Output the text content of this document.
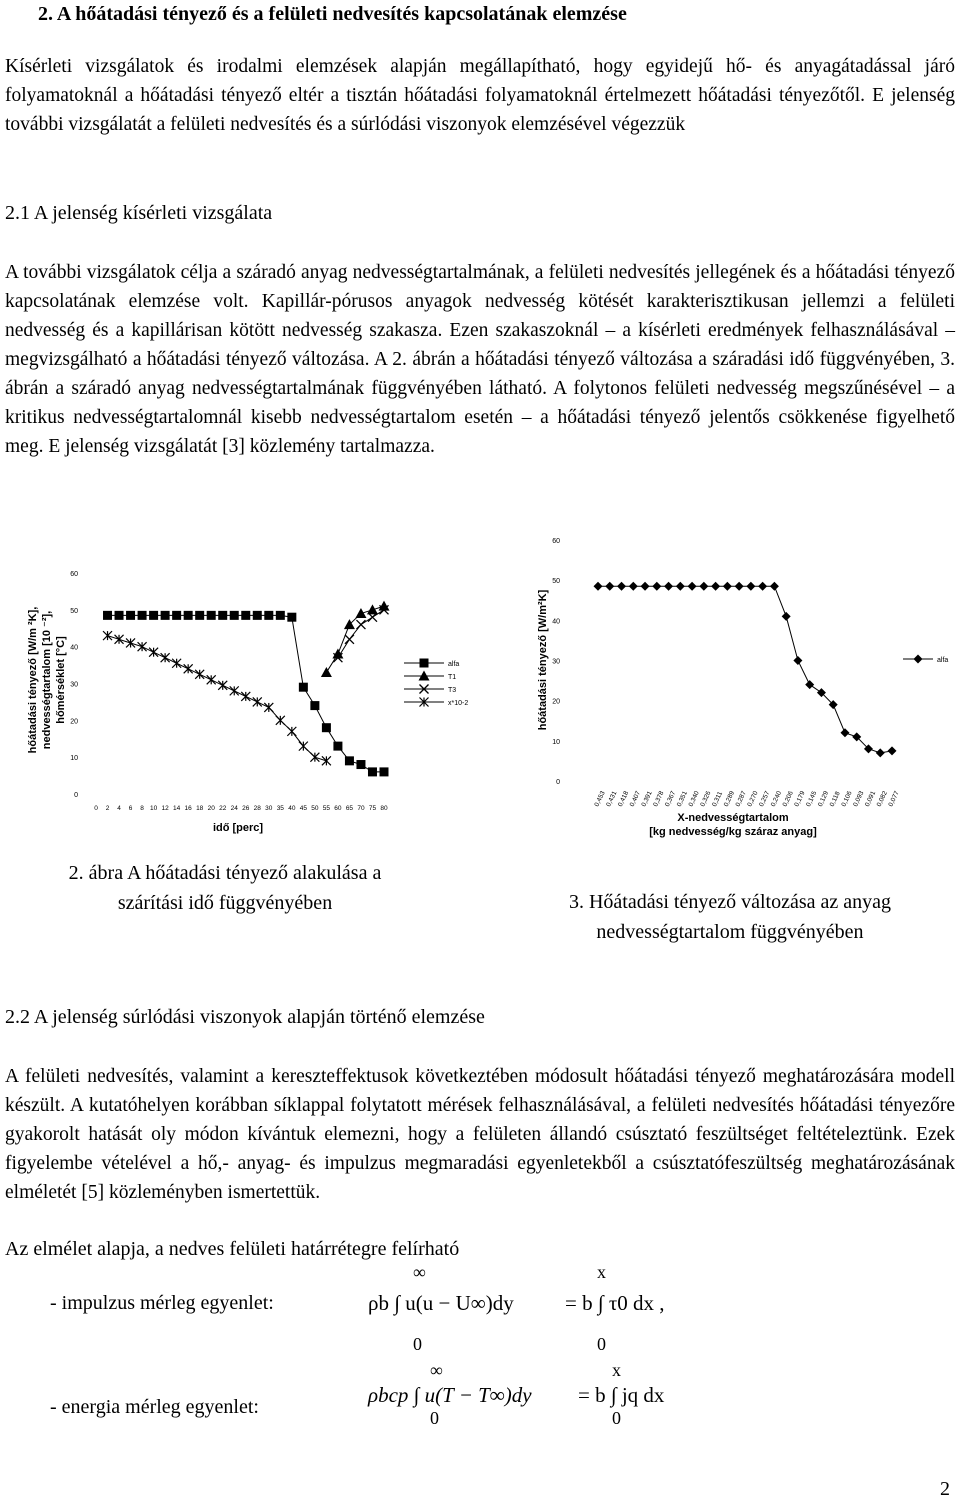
2. A hőátadási tényező és a felületi nedvesítés kapcsolatának elemzése
Kísérleti vizsgálatok és irodalmi elemzések alapján megállapítható, hogy egyidejű hő- és anyagátadással járó folyamatoknál a hőátadási tényező eltér a tisztán hőátadási folyamatoknál értelmezett hőátadási tényezőtől. E jelenség további vizsgálatát a felületi nedvesítés és a súrlódási viszonyok elemzésével végezzük
2.1 A jelenség kísérleti vizsgálata
A további vizsgálatok célja a száradó anyag nedvességtartalmának, a felületi nedvesítés jellegének és a hőátadási tényező kapcsolatának elemzése volt. Kapillár-pórusos anyagok nedvesség kötését karakterisztikusan jellemzi a felületi nedvesség és a kapillárisan kötött nedvesség szakasza. Ezen szakaszoknál – a kísérleti eredmények felhasználásával – megvizsgálható a hőátadási tényező változása. A 2. ábrán a hőátadási tényező változása a száradási idő függvényében, 3. ábrán a száradó anyag nedvességtartalmának függvényében látható. A folytonos felületi nedvesség megszűnésével – a kritikus nedvességtartalomnál kisebb nedvességtartalom esetén – a hőátadási tényező jelentős csökkenése figyelhető meg. E jelenség vizsgálatát [3] közlemény tartalmazza.
hőátadási tényező [W/m ²K], nedvességtartalom [10 ⁻²], hőmérséklet [°C]
0
10
20
30
40
50
60
0 2 4 6 8 10 12 14 16 18 20 22 24 26 28 30 35 40 45 50 55 60 65 70 75 80
alfa
T1
T3
x*10-2
idő [perc]
hőátadási tényező [W/m²K]
0
10
20
30
40
50
60
0,453
0,431
0,418
0,407
0,391
0,378
0,367
0,351
0,340
0,326
0,311
0,289
0,287
0,270
0,257
0,240
0,206
0,179
0,145
0,129
0,118
0,106
0,093
0,091
0,082
0,077
alfa
X-nedvességtartalom
[kg nedvesség/kg száraz anyag]
2. ábra A hőátadási tényező alakulása a
szárítási idő függvényében	3. Hőátadási tényező változása az anyag
nedvességtartalom függvényében
2.2 A jelenség súrlódási viszonyok alapján történő elemzése
A felületi nedvesítés, valamint a kereszteffektusok következtében módosult hőátadási tényező meghatározására modell készült. A kutatóhelyen korábban síklappal folytatott mérések felhasználásával, a felületi nedvesítés hőátadási tényezőre gyakorolt hatását oly módon kívántuk elemezni, hogy a felületen állandó csúsztató feszültséget feltételeztünk. Ezek figyelembe vételével a hő,- anyag- és impulzus megmaradási egyenletekből a csúsztatófeszültség meghatározásának elméletét [5] közleményben ismertettük.
Az elmélet alapja, a nedves felületi határrétegre felírható
- impulzus mérleg egyenlet:
- energia mérleg egyenlet:
∞
0
x
0
ρb ∫ u(u − U∞)dy = b ∫ τ0 dx ,
∞
0
x
0
ρbcp ∫ u(T − T∞)dy = b ∫ jq dx
2
